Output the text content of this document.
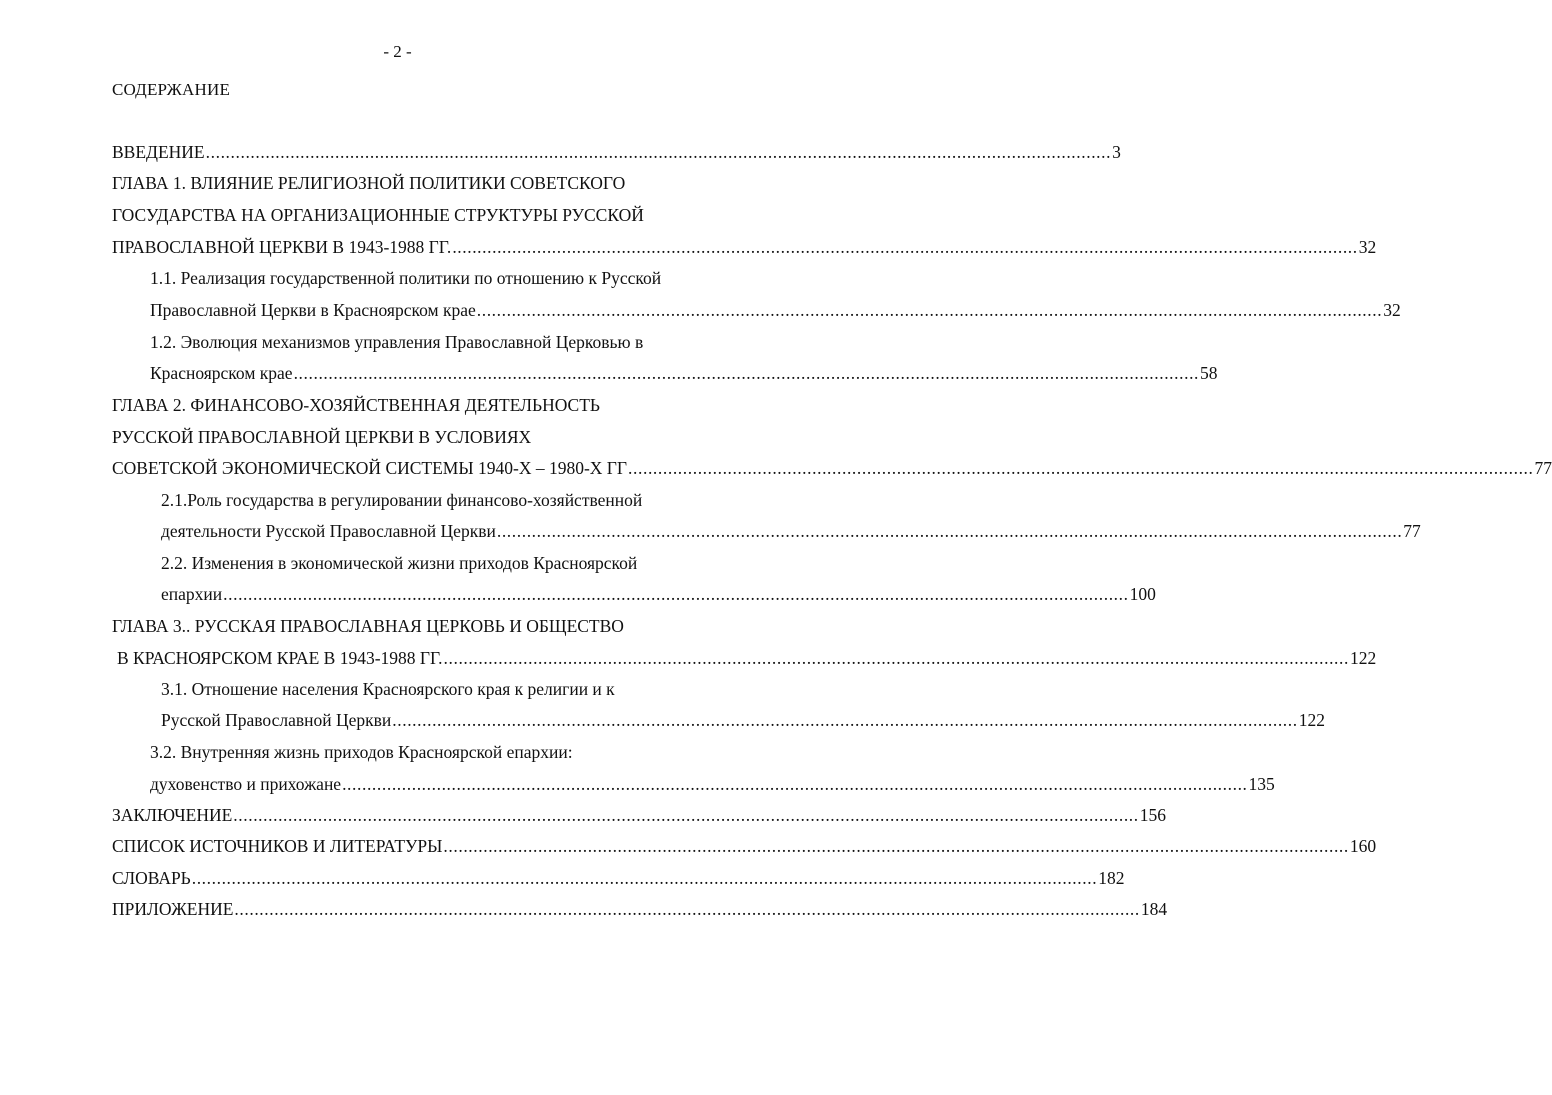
- 2 -
СОДЕРЖАНИЕ
ВВЕДЕНИЕ ...................................................................................................................................................................................... 3
ГЛАВА 1. ВЛИЯНИЕ РЕЛИГИОЗНОЙ ПОЛИТИКИ СОВЕТСКОГО
ГОСУДАРСТВА НА ОРГАНИЗАЦИОННЫЕ СТРУКТУРЫ РУССКОЙ
ПРАВОСЛАВНОЙ ЦЕРКВИ В 1943-1988 ГГ. ...................................................................................................................................................................................... 32
1.1. Реализация государственной политики по отношению к Русской
Православной Церкви в Красноярском крае ...................................................................................................................................................................................... 32
1.2. Эволюция механизмов управления Православной Церковью в
Красноярском крае ...................................................................................................................................................................................... 58
ГЛАВА 2. ФИНАНСОВО-ХОЗЯЙСТВЕННАЯ ДЕЯТЕЛЬНОСТЬ
РУССКОЙ ПРАВОСЛАВНОЙ ЦЕРКВИ В УСЛОВИЯХ
СОВЕТСКОЙ ЭКОНОМИЧЕСКОЙ СИСТЕМЫ 1940-Х – 1980-Х ГГ ...................................................................................................................................................................................... 77
2.1.Роль государства в регулировании финансово-хозяйственной
деятельности Русской Православной Церкви ...................................................................................................................................................................................... 77
2.2. Изменения в экономической жизни приходов Красноярской
епархии ...................................................................................................................................................................................... 100
ГЛАВА 3.. РУССКАЯ ПРАВОСЛАВНАЯ ЦЕРКОВЬ И ОБЩЕСТВО
В КРАСНОЯРСКОМ КРАЕ В 1943-1988 ГГ. ...................................................................................................................................................................................... 122
3.1. Отношение населения Красноярского края к религии и к
Русской Православной Церкви ...................................................................................................................................................................................... 122
3.2. Внутренняя жизнь приходов Красноярской епархии:
духовенство и прихожане ...................................................................................................................................................................................... 135
ЗАКЛЮЧЕНИЕ ...................................................................................................................................................................................... 156
СПИСОК ИСТОЧНИКОВ И ЛИТЕРАТУРЫ ...................................................................................................................................................................................... 160
СЛОВАРЬ ...................................................................................................................................................................................... 182
ПРИЛОЖЕНИЕ ...................................................................................................................................................................................... 184
